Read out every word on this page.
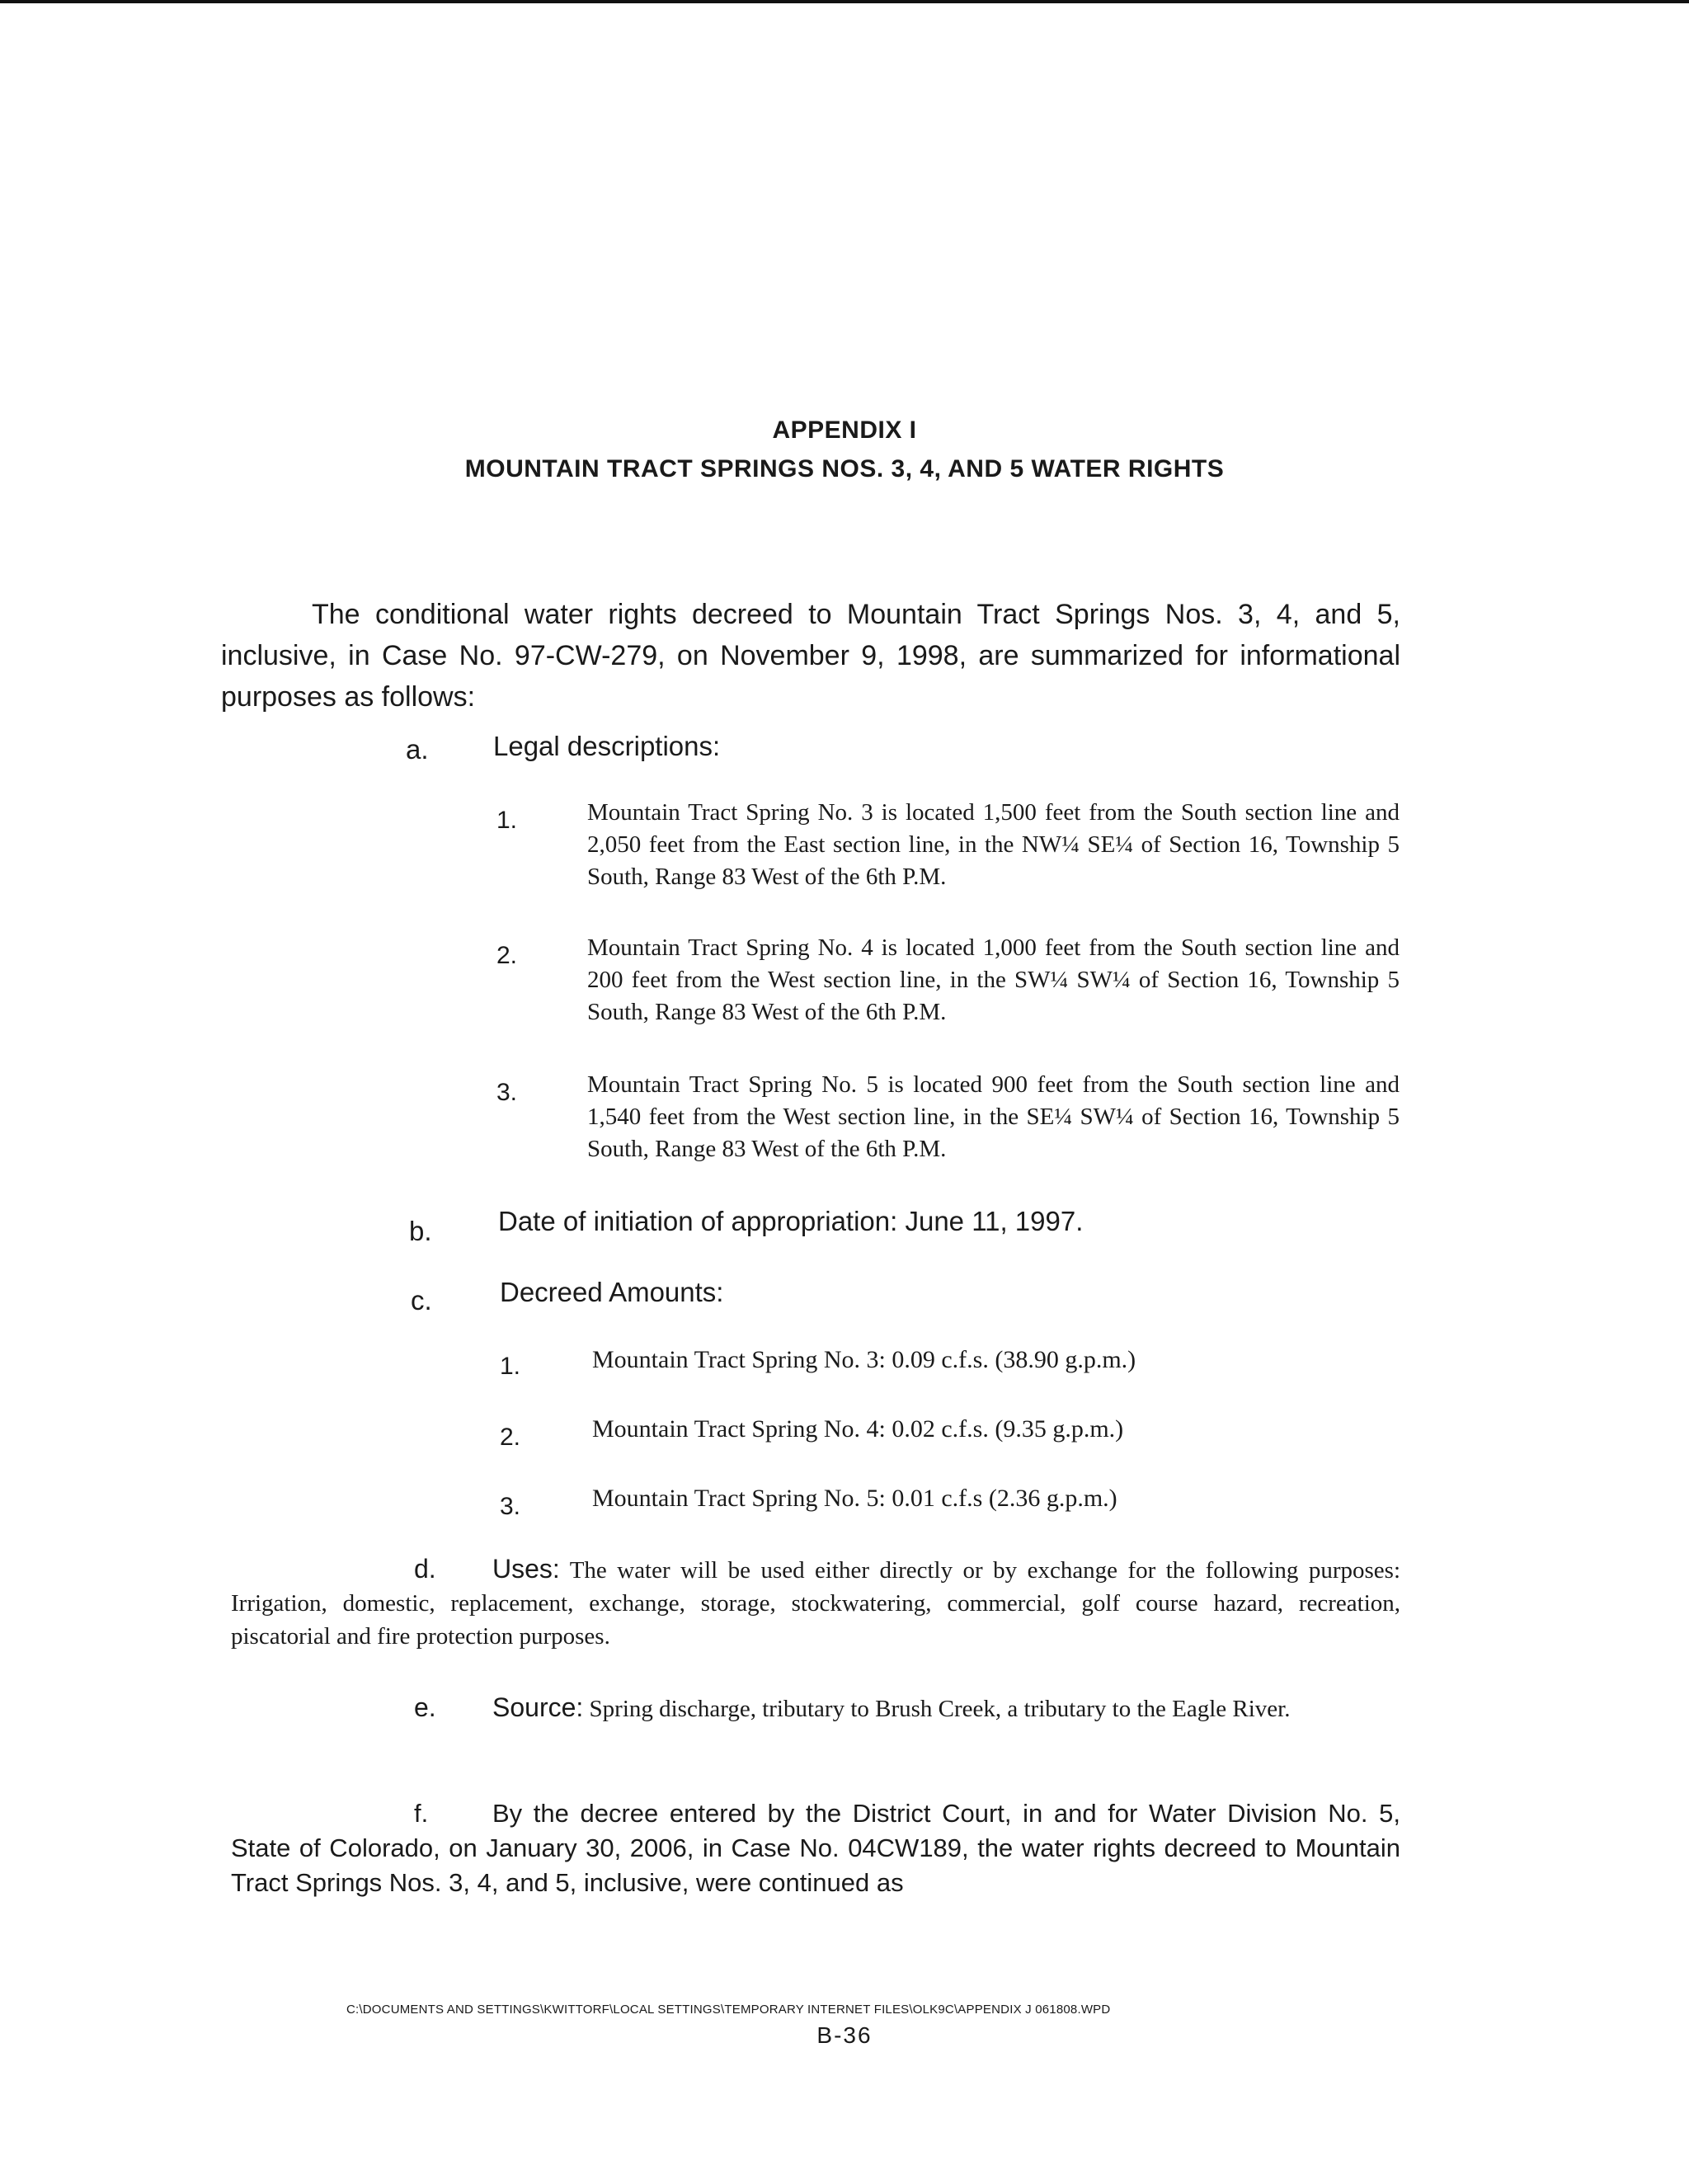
APPENDIX I
MOUNTAIN TRACT SPRINGS NOS. 3, 4, AND 5 WATER RIGHTS
The conditional water rights decreed to Mountain Tract Springs Nos. 3, 4, and 5, inclusive, in Case No. 97-CW-279, on November 9, 1998, are summarized for informational purposes as follows:
a. Legal descriptions:
1.	Mountain Tract Spring No. 3 is located 1,500 feet from the South section line and 2,050 feet from the East section line, in the NW¼ SE¼ of Section 16, Township 5 South, Range 83 West of the 6th P.M.
2.	Mountain Tract Spring No. 4 is located 1,000 feet from the South section line and 200 feet from the West section line, in the SW¼ SW¼ of Section 16, Township 5 South, Range 83 West of the 6th P.M.
3.	Mountain Tract Spring No. 5 is located 900 feet from the South section line and 1,540 feet from the West section line, in the SE¼ SW¼ of Section 16, Township 5 South, Range 83 West of the 6th P.M.
b. Date of initiation of appropriation: June 11, 1997.
c. Decreed Amounts:
1.	Mountain Tract Spring No. 3: 0.09 c.f.s. (38.90 g.p.m.)
2.	Mountain Tract Spring No. 4: 0.02 c.f.s. (9.35 g.p.m.)
3.	Mountain Tract Spring No. 5: 0.01 c.f.s (2.36 g.p.m.)
d. Uses: The water will be used either directly or by exchange for the following purposes: Irrigation, domestic, replacement, exchange, storage, stockwatering, commercial, golf course hazard, recreation, piscatorial and fire protection purposes.
e. Source: Spring discharge, tributary to Brush Creek, a tributary to the Eagle River.
f.	By the decree entered by the District Court, in and for Water Division No. 5, State of Colorado, on January 30, 2006, in Case No. 04CW189, the water rights decreed to Mountain Tract Springs Nos. 3, 4, and 5, inclusive, were continued as
C:\DOCUMENTS AND SETTINGS\KWITTORF\LOCAL SETTINGS\TEMPORARY INTERNET FILES\OLK9C\APPENDIX J 061808.WPD
B-36
